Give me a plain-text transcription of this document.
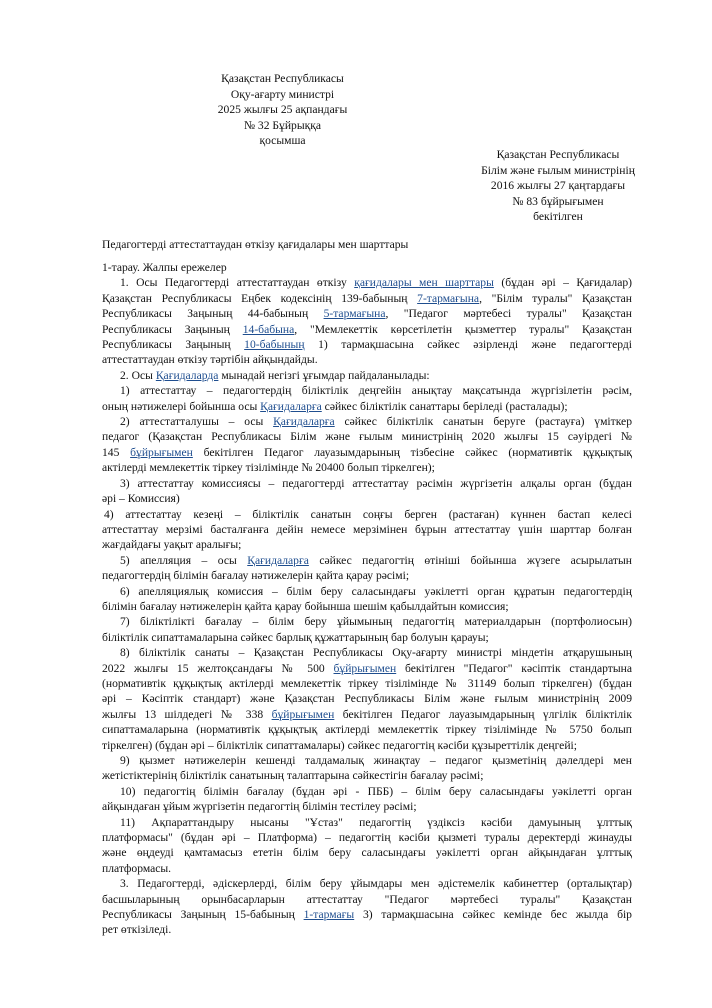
Қазақстан Республикасы
Оқу-ағарту министрі
2025 жылғы 25 ақпандағы
№ 32 Бұйрыққа
қосымша
Қазақстан Республикасы
Білім және ғылым министрінің
2016 жылғы 27 қаңтардағы
№ 83 бұйрығымен
бекітілген
Педагогтерді аттестаттаудан өткізу қағидалары мен шарттары
1-тарау. Жалпы ережелер
1. Осы Педагогтерді аттестаттаудан өткізу қағидалары мен шарттары (бұдан әрі – Қағидалар)
Қазақстан Республикасы Еңбек кодексінің 139-бабының 7-тармағына, "Білім туралы" Қазақстан
Республикасы Заңының 44-бабының 5-тармағына, "Педагог мәртебесі туралы" Қазақстан
Республикасы Заңының 14-бабына, "Мемлекеттік көрсетілетін қызметтер туралы" Қазақстан
Республикасы Заңының 10-бабының 1) тармақшасына сәйкес әзірленді және педагогтерді
аттестаттаудан өткізу тәртібін айқындайды.
2. Осы Қағидаларда мынадай негізгі ұғымдар пайдаланылады:
1) аттестаттау – педагогтердің біліктілік деңгейін анықтау мақсатында жүргізілетін рәсім,
оның нәтижелері бойынша осы Қағидаларға сәйкес біліктілік санаттары беріледі (расталады);
2) аттестатталушы – осы Қағидаларға сәйкес біліктілік санатын беруге (растауға) үміткер
педагог (Қазақстан Республикасы Білім және ғылым министрінің 2020 жылғы 15 сәуірдегі №
145 бұйрығымен бекітілген Педагог лауазымдарының тізбесіне сәйкес (нормативтік құқықтық
актілерді мемлекеттік тіркеу тізілімінде № 20400 болып тіркелген);
3) аттестаттау комиссиясы – педагогтерді аттестаттау рәсімін жүргізетін алқалы орган (бұдан
әрі – Комиссия)
4) аттестаттау кезеңі – біліктілік санатын соңғы берген (растаған) күннен бастап келесі
аттестаттау мерзімі басталғанға дейін немесе мерзімінен бұрын аттестаттау үшін шарттар болған
жағдайдағы уақыт аралығы;
5) апелляция – осы Қағидаларға сәйкес педагогтің өтініші бойынша жүзеге асырылатын
педагогтердің білімін бағалау нәтижелерін қайта қарау рәсімі;
6) апелляциялық комиссия – білім беру саласындағы уәкілетті орган құратын педагогтердің
білімін бағалау нәтижелерін қайта қарау бойынша шешім қабылдайтын комиссия;
7) біліктілікті бағалау – білім беру ұйымының педагогтің материалдарын (портфолиосын)
біліктілік сипаттамаларына сәйкес барлық құжаттарының бар болуын қарауы;
8) біліктілік санаты – Қазақстан Республикасы Оқу-ағарту министрі міндетін атқарушының
2022 жылғы 15 желтоқсандағы № 500 бұйрығымен бекітілген "Педагог" кәсіптік стандартына
(нормативтік құқықтық актілерді мемлекеттік тіркеу тізілімінде № 31149 болып тіркелген) (бұдан
әрі – Кәсіптік стандарт) және Қазақстан Республикасы Білім және ғылым министрінің 2009
жылғы 13 шілдедегі № 338 бұйрығымен бекітілген Педагог лауазымдарының үлгілік біліктілік
сипаттамаларына (нормативтік құқықтық актілерді мемлекеттік тіркеу тізілімінде № 5750 болып
тіркелген) (бұдан әрі – біліктілік сипаттамалары) сәйкес педагогтің кәсіби құзыреттілік деңгейі;
9) қызмет нәтижелерін кешенді талдамалық жинақтау – педагог қызметінің дәлелдері мен
жетістіктерінің біліктілік санатының талаптарына сәйкестігін бағалау рәсімі;
10) педагогтің білімін бағалау (бұдан әрі - ПББ) – білім беру саласындағы уәкілетті орган
айқындаған ұйым жүргізетін педагогтің білімін тестілеу рәсімі;
11) Ақпараттандыру нысаны "Ұстаз" педагогтің үздіксіз кәсіби дамуының ұлттық
платформасы" (бұдан әрі – Платформа) – педагогтің кәсіби қызметі туралы деректерді жинауды
және өңдеуді қамтамасыз ететін білім беру саласындағы уәкілетті орган айқындаған ұлттық
платформасы.
3. Педагогтерді, әдіскерлерді, білім беру ұйымдары мен әдістемелік кабинеттер (орталықтар)
басшыларының орынбасарларын аттестаттау "Педагог мәртебесі туралы" Қазақстан
Республикасы Заңының 15-бабының 1-тармағы 3) тармақшасына сәйкес кемінде бес жылда бір
рет өткізіледі.
